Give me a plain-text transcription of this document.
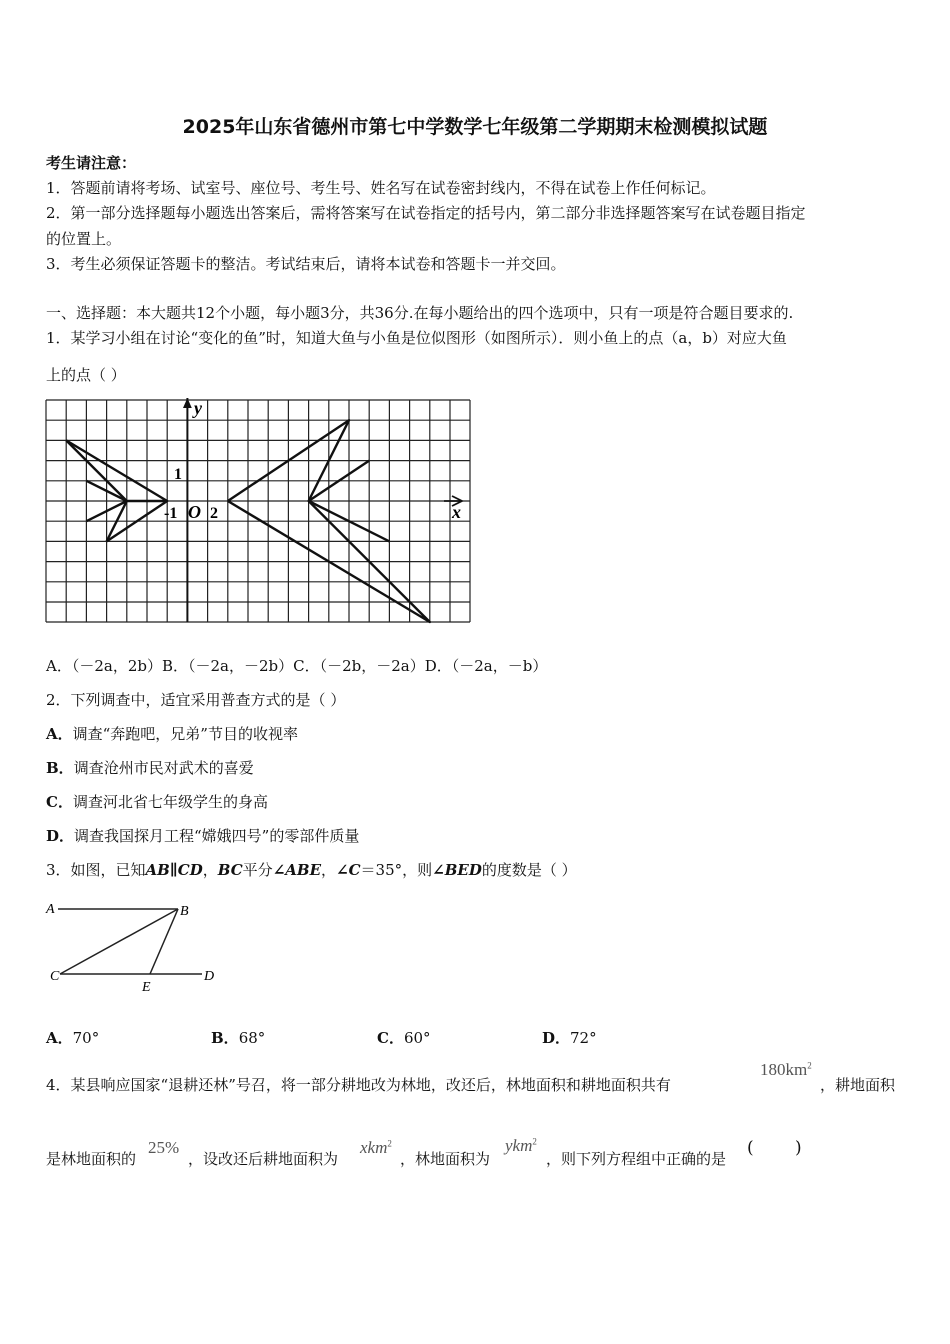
2025年山东省德州市第七中学数学七年级第二学期期末检测模拟试题
考生请注意：
1．答题前请将考场、试室号、座位号、考生号、姓名写在试卷密封线内，不得在试卷上作任何标记。
2．第一部分选择题每小题选出答案后，需将答案写在试卷指定的括号内，第二部分非选择题答案写在试卷题目指定
的位置上。
3．考生必须保证答题卡的整洁。考试结束后，请将本试卷和答题卡一并交回。
一、选择题：本大题共12个小题，每小题3分，共36分.在每小题给出的四个选项中，只有一项是符合题目要求的.
1．某学习小组在讨论“变化的鱼”时，知道大鱼与小鱼是位似图形（如图所示）．则小鱼上的点（a，b）对应大鱼
上的点（ ）
y
x
1
-1 O 2
A．（－2a，2b）B．（－2a，－2b）C．（－2b，－2a）D．（－2a，－b）
2．下列调查中，适宜采用普查方式的是（ ）
A．调查“奔跑吧，兄弟”节目的收视率
B．调查沧州市民对武术的喜爱
C．调查河北省七年级学生的身高
D．调查我国探月工程“嫦娥四号”的零部件质量
3．如图，已知AB∥CD，BC平分∠ABE，∠C＝35°，则∠BED的度数是（ ）
A	B
C	D
E
A．70°	B．68°	C．60°	D．72°
4．某县响应国家“退耕还林”号召，将一部分耕地改为林地，改还后，林地面积和耕地面积共有
$180km^2$
，耕地面积
是林地面积的
25%
，设改还后耕地面积为
xkm$^2$
，林地面积为
ykm$^2$
，则下列方程组中正确的是
( )
